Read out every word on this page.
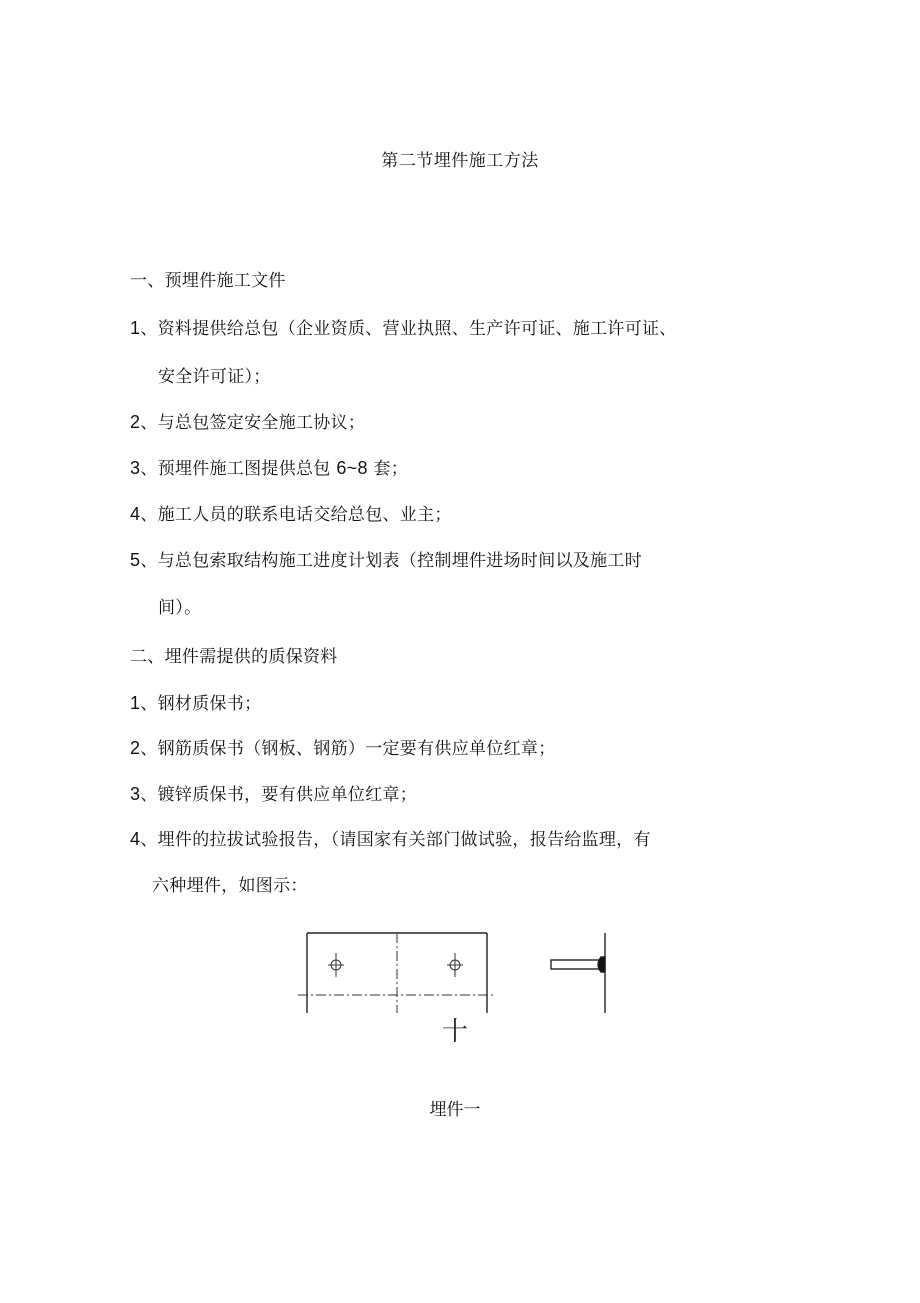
第二节埋件施工方法
一、预埋件施工文件
1、资料提供给总包（企业资质、营业执照、生产许可证、施工许可证、
安全许可证）；
2、与总包签定安全施工协议；
3、预埋件施工图提供总包 6~8 套；
4、施工人员的联系电话交给总包、业主；
5、与总包索取结构施工进度计划表（控制埋件进场时间以及施工时
间）。
二、埋件需提供的质保资料
1、钢材质保书；
2、钢筋质保书（钢板、钢筋）一定要有供应单位红章；
3、镀锌质保书，要有供应单位红章；
4、埋件的拉拔试验报告，（请国家有关部门做试验，报告给监理，有
六种埋件，如图示：
十
埋件一
